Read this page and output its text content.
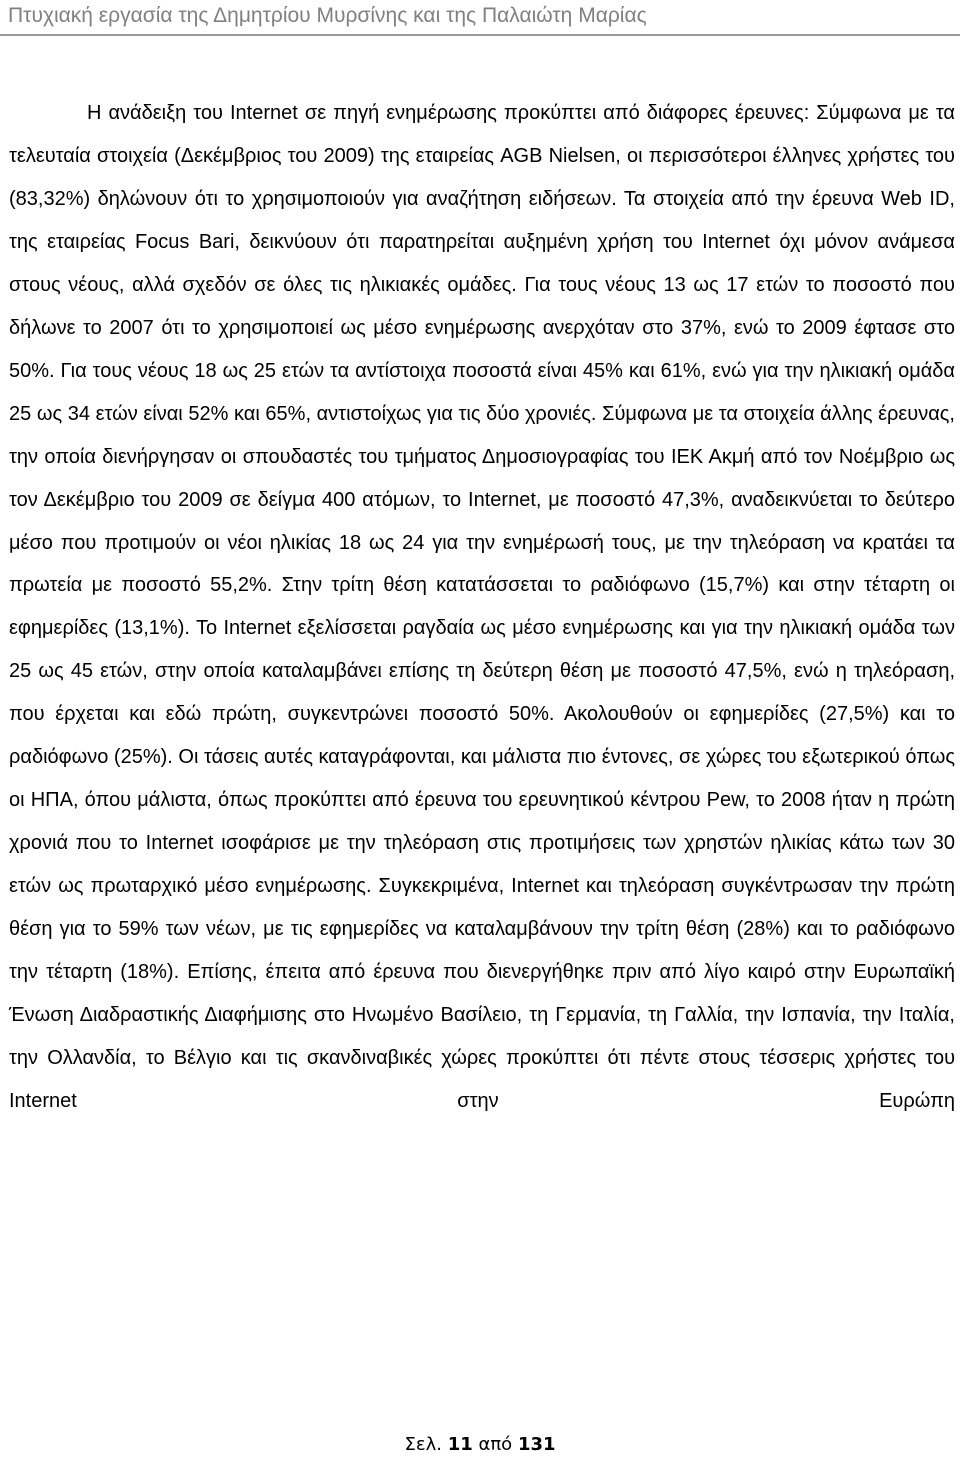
Πτυχιακή εργασία της Δημητρίου Μυρσίνης και της Παλαιώτη Μαρίας

Η ανάδειξη του Internet σε πηγή ενημέρωσης προκύπτει από διάφορες έρευνες: Σύμφωνα με τα τελευταία στοιχεία (Δεκέμβριος του 2009) της εταιρείας AGB Nielsen, οι περισσότεροι έλληνες χρήστες του (83,32%) δηλώνουν ότι το χρησιμοποιούν για αναζήτηση ειδήσεων. Τα στοιχεία από την έρευνα Web ID, της εταιρείας Focus Bari, δεικνύουν ότι παρατηρείται αυξημένη χρήση του Internet όχι μόνον ανάμεσα στους νέους, αλλά σχεδόν σε όλες τις ηλικιακές ομάδες. Για τους νέους 13 ως 17 ετών το ποσοστό που δήλωνε το 2007 ότι το χρησιμοποιεί ως μέσο ενημέρωσης ανερχόταν στο 37%, ενώ το 2009 έφτασε στο 50%. Για τους νέους 18 ως 25 ετών τα αντίστοιχα ποσοστά είναι 45% και 61%, ενώ για την ηλικιακή ομάδα 25 ως 34 ετών είναι 52% και 65%, αντιστοίχως για τις δύο χρονιές. Σύμφωνα με τα στοιχεία άλλης έρευνας, την οποία διενήργησαν οι σπουδαστές του τμήματος Δημοσιογραφίας του ΙΕΚ Ακμή από τον Νοέμβριο ως τον Δεκέμβριο του 2009 σε δείγμα 400 ατόμων, το Internet, με ποσοστό 47,3%, αναδεικνύεται το δεύτερο μέσο που προτιμούν οι νέοι ηλικίας 18 ως 24 για την ενημέρωσή τους, με την τηλεόραση να κρατάει τα πρωτεία με ποσοστό 55,2%. Στην τρίτη θέση κατατάσσεται το ραδιόφωνο (15,7%) και στην τέταρτη οι εφημερίδες (13,1%). Το Internet εξελίσσεται ραγδαία ως μέσο ενημέρωσης και για την ηλικιακή ομάδα των 25 ως 45 ετών, στην οποία καταλαμβάνει επίσης τη δεύτερη θέση με ποσοστό 47,5%, ενώ η τηλεόραση, που έρχεται και εδώ πρώτη, συγκεντρώνει ποσοστό 50%. Ακολουθούν οι εφημερίδες (27,5%) και το ραδιόφωνο (25%). Οι τάσεις αυτές καταγράφονται, και μάλιστα πιο έντονες, σε χώρες του εξωτερικού όπως οι ΗΠΑ, όπου μάλιστα, όπως προκύπτει από έρευνα του ερευνητικού κέντρου Pew, το 2008 ήταν η πρώτη χρονιά που το Internet ισοφάρισε με την τηλεόραση στις προτιμήσεις των χρηστών ηλικίας κάτω των 30 ετών ως πρωταρχικό μέσο ενημέρωσης. Συγκεκριμένα, Internet και τηλεόραση συγκέντρωσαν την πρώτη θέση για το 59% των νέων, με τις εφημερίδες να καταλαμβάνουν την τρίτη θέση (28%) και το ραδιόφωνο την τέταρτη (18%). Επίσης, έπειτα από έρευνα που διενεργήθηκε πριν από λίγο καιρό στην Ευρωπαϊκή Ένωση Διαδραστικής Διαφήμισης στο Ηνωμένο Βασίλειο, τη Γερμανία, τη Γαλλία, την Ισπανία, την Ιταλία, την Ολλανδία, το Βέλγιο και τις σκανδιναβικές χώρες προκύπτει ότι πέντε στους τέσσερις χρήστες του Internet στην Ευρώπη

Σελ. 11 από 131
